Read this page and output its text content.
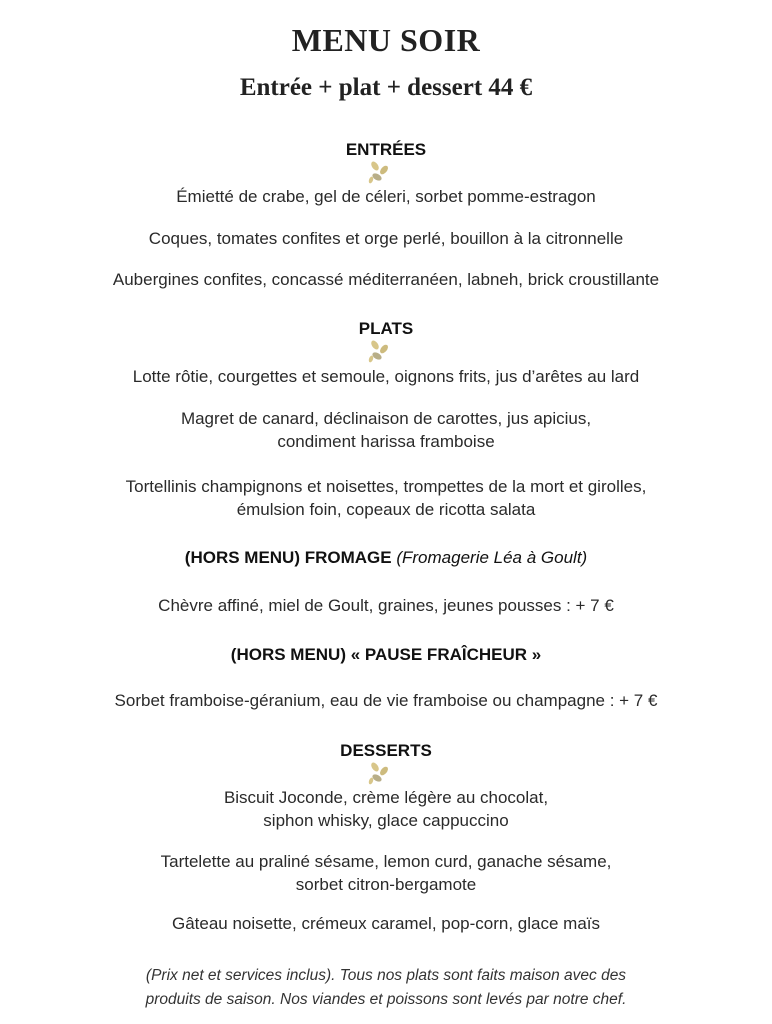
MENU SOIR
Entrée + plat + dessert 44 €
ENTRÉES
Émietté de crabe, gel de céleri, sorbet pomme-estragon
Coques, tomates confites et orge perlé, bouillon à la citronnelle
Aubergines confites, concassé méditerranéen, labneh, brick croustillante
PLATS
Lotte rôtie, courgettes et semoule, oignons frits, jus d’arêtes au lard
Magret de canard, déclinaison de carottes, jus apicius,
condiment harissa framboise
Tortellinis champignons et noisettes, trompettes de la mort et girolles,
émulsion foin, copeaux de ricotta salata
(HORS MENU) FROMAGE (Fromagerie Léa à Goult)
Chèvre affiné, miel de Goult, graines, jeunes pousses : + 7 €
(HORS MENU) « PAUSE FRAÎCHEUR »
Sorbet framboise-géranium, eau de vie framboise ou champagne : + 7 €
DESSERTS
Biscuit Joconde, crème légère au chocolat,
siphon whisky, glace cappuccino
Tartelette au praliné sésame, lemon curd, ganache sésame,
sorbet citron-bergamote
Gâteau noisette, crémeux caramel, pop-corn, glace maïs
(Prix net et services inclus). Tous nos plats sont faits maison avec des
produits de saison. Nos viandes et poissons sont levés par notre chef.
